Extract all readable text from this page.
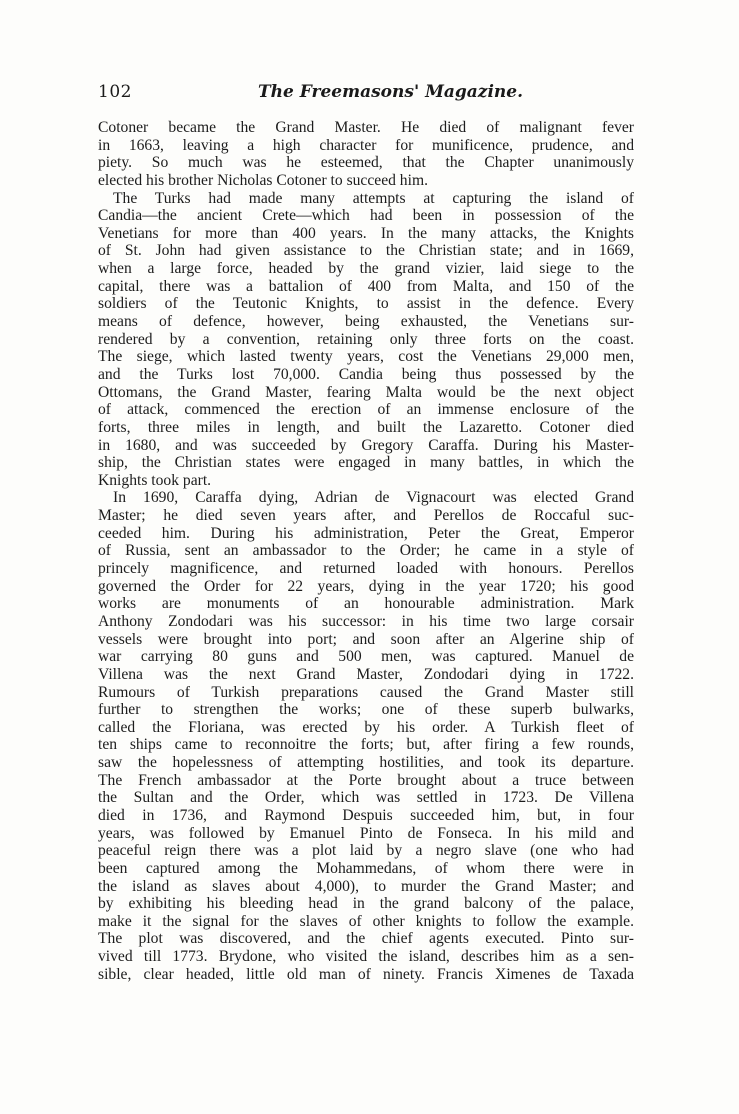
102	The Freemasons' Magazine.
Cotoner became the Grand Master. He died of malignant fever
in 1663, leaving a high character for munificence, prudence, and
piety. So much was he esteemed, that the Chapter unanimously
elected his brother Nicholas Cotoner to succeed him.
The Turks had made many attempts at capturing the island of
Candia—the ancient Crete—which had been in possession of the
Venetians for more than 400 years. In the many attacks, the Knights
of St. John had given assistance to the Christian state; and in 1669,
when a large force, headed by the grand vizier, laid siege to the
capital, there was a battalion of 400 from Malta, and 150 of the
soldiers of the Teutonic Knights, to assist in the defence. Every
means of defence, however, being exhausted, the Venetians sur-
rendered by a convention, retaining only three forts on the coast.
The siege, which lasted twenty years, cost the Venetians 29,000 men,
and the Turks lost 70,000. Candia being thus possessed by the
Ottomans, the Grand Master, fearing Malta would be the next object
of attack, commenced the erection of an immense enclosure of the
forts, three miles in length, and built the Lazaretto. Cotoner died
in 1680, and was succeeded by Gregory Caraffa. During his Master-
ship, the Christian states were engaged in many battles, in which the
Knights took part.
In 1690, Caraffa dying, Adrian de Vignacourt was elected Grand
Master; he died seven years after, and Perellos de Roccaful suc-
ceeded him. During his administration, Peter the Great, Emperor
of Russia, sent an ambassador to the Order; he came in a style of
princely magnificence, and returned loaded with honours. Perellos
governed the Order for 22 years, dying in the year 1720; his good
works are monuments of an honourable administration. Mark
Anthony Zondodari was his successor: in his time two large corsair
vessels were brought into port; and soon after an Algerine ship of
war carrying 80 guns and 500 men, was captured. Manuel de
Villena was the next Grand Master, Zondodari dying in 1722.
Rumours of Turkish preparations caused the Grand Master still
further to strengthen the works; one of these superb bulwarks,
called the Floriana, was erected by his order. A Turkish fleet of
ten ships came to reconnoitre the forts; but, after firing a few rounds,
saw the hopelessness of attempting hostilities, and took its departure.
The French ambassador at the Porte brought about a truce between
the Sultan and the Order, which was settled in 1723. De Villena
died in 1736, and Raymond Despuis succeeded him, but, in four
years, was followed by Emanuel Pinto de Fonseca. In his mild and
peaceful reign there was a plot laid by a negro slave (one who had
been captured among the Mohammedans, of whom there were in
the island as slaves about 4,000), to murder the Grand Master; and
by exhibiting his bleeding head in the grand balcony of the palace,
make it the signal for the slaves of other knights to follow the example.
The plot was discovered, and the chief agents executed. Pinto sur-
vived till 1773. Brydone, who visited the island, describes him as a sen-
sible, clear headed, little old man of ninety. Francis Ximenes de Taxada
